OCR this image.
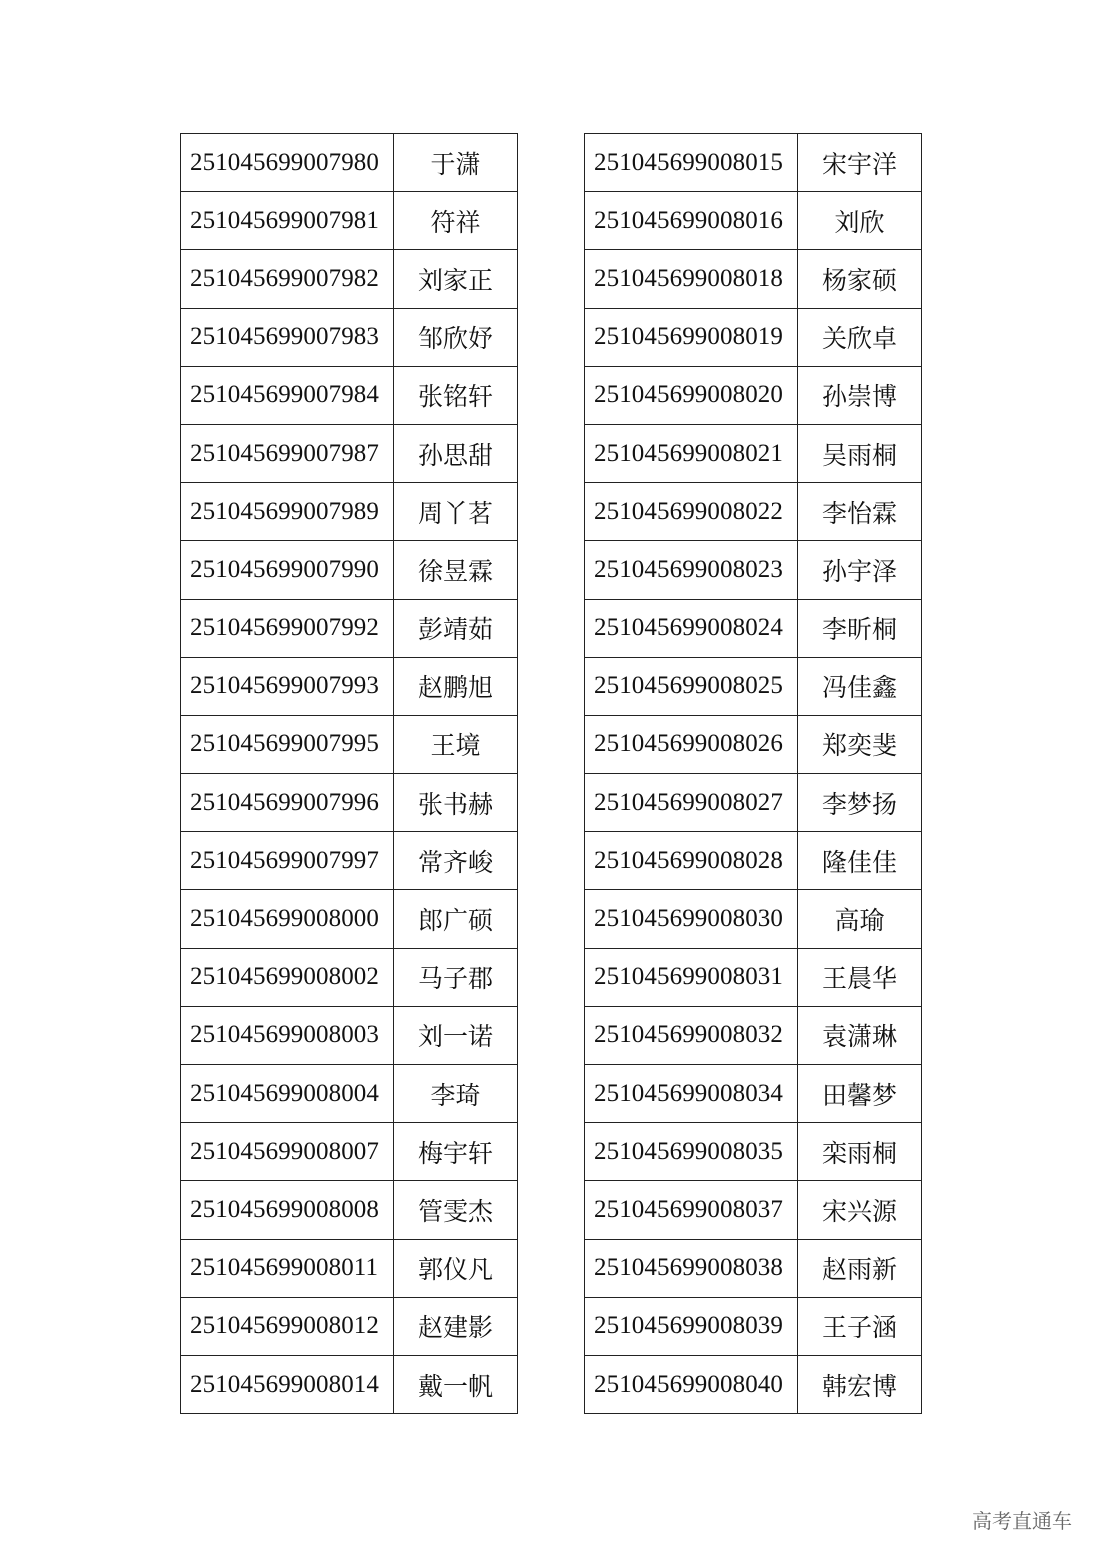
251045699007980	于潇
251045699007981	符祥
251045699007982	刘家正
251045699007983	邹欣妤
251045699007984	张铭轩
251045699007987	孙思甜
251045699007989	周丫茗
251045699007990	徐昱霖
251045699007992	彭靖茹
251045699007993	赵鹏旭
251045699007995	王境
251045699007996	张书赫
251045699007997	常齐峻
251045699008000	郎广硕
251045699008002	马子郡
251045699008003	刘一诺
251045699008004	李琦
251045699008007	梅宇轩
251045699008008	管雯杰
251045699008011	郭仪凡
251045699008012	赵建影
251045699008014	戴一帆
251045699008015	宋宇洋
251045699008016	刘欣
251045699008018	杨家硕
251045699008019	关欣卓
251045699008020	孙崇博
251045699008021	吴雨桐
251045699008022	李怡霖
251045699008023	孙宇泽
251045699008024	李昕桐
251045699008025	冯佳鑫
251045699008026	郑奕斐
251045699008027	李梦扬
251045699008028	隆佳佳
251045699008030	高瑜
251045699008031	王晨华
251045699008032	袁潇琳
251045699008034	田馨梦
251045699008035	栾雨桐
251045699008037	宋兴源
251045699008038	赵雨新
251045699008039	王子涵
251045699008040	韩宏博
高考直通车
